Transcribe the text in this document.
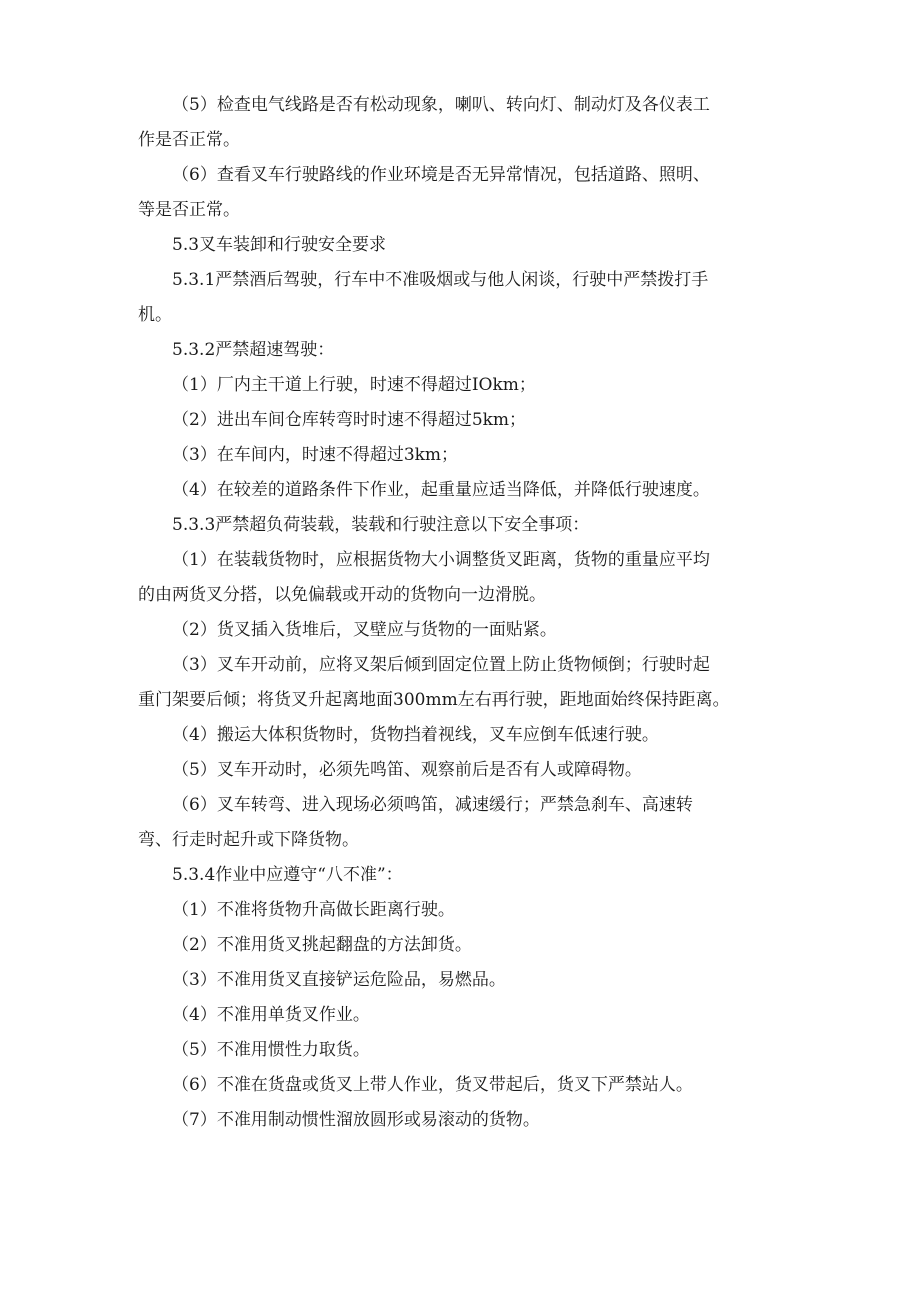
（5）检查电气线路是否有松动现象，喇叭、转向灯、制动灯及各仪表工
作是否正常。

（6）查看叉车行驶路线的作业环境是否无异常情况，包括道路、照明、
等是否正常。

5.3叉车装卸和行驶安全要求

5.3.1严禁酒后驾驶，行车中不准吸烟或与他人闲谈，行驶中严禁拨打手
机。

5.3.2严禁超速驾驶：

（1）厂内主干道上行驶，时速不得超过IOkm；

（2）进出车间仓库转弯时时速不得超过5km；

（3）在车间内，时速不得超过3km；

（4）在较差的道路条件下作业，起重量应适当降低，并降低行驶速度。

5.3.3严禁超负荷装载，装载和行驶注意以下安全事项：

（1）在装载货物时，应根据货物大小调整货叉距离，货物的重量应平均
的由两货叉分搭，以免偏载或开动的货物向一边滑脱。

（2）货叉插入货堆后，叉壁应与货物的一面贴紧。

（3）叉车开动前，应将叉架后倾到固定位置上防止货物倾倒；行驶时起
重门架要后倾；将货叉升起离地面300mm左右再行驶，距地面始终保持距离。

（4）搬运大体积货物时，货物挡着视线，叉车应倒车低速行驶。

（5）叉车开动时，必须先鸣笛、观察前后是否有人或障碍物。

（6）叉车转弯、进入现场必须鸣笛，减速缓行；严禁急刹车、高速转
弯、行走时起升或下降货物。

5.3.4作业中应遵守“八不准”：

（1）不准将货物升高做长距离行驶。

（2）不准用货叉挑起翻盘的方法卸货。

（3）不准用货叉直接铲运危险品，易燃品。

（4）不准用单货叉作业。

（5）不准用惯性力取货。

（6）不准在货盘或货叉上带人作业，货叉带起后，货叉下严禁站人。

（7）不准用制动惯性溜放圆形或易滚动的货物。
